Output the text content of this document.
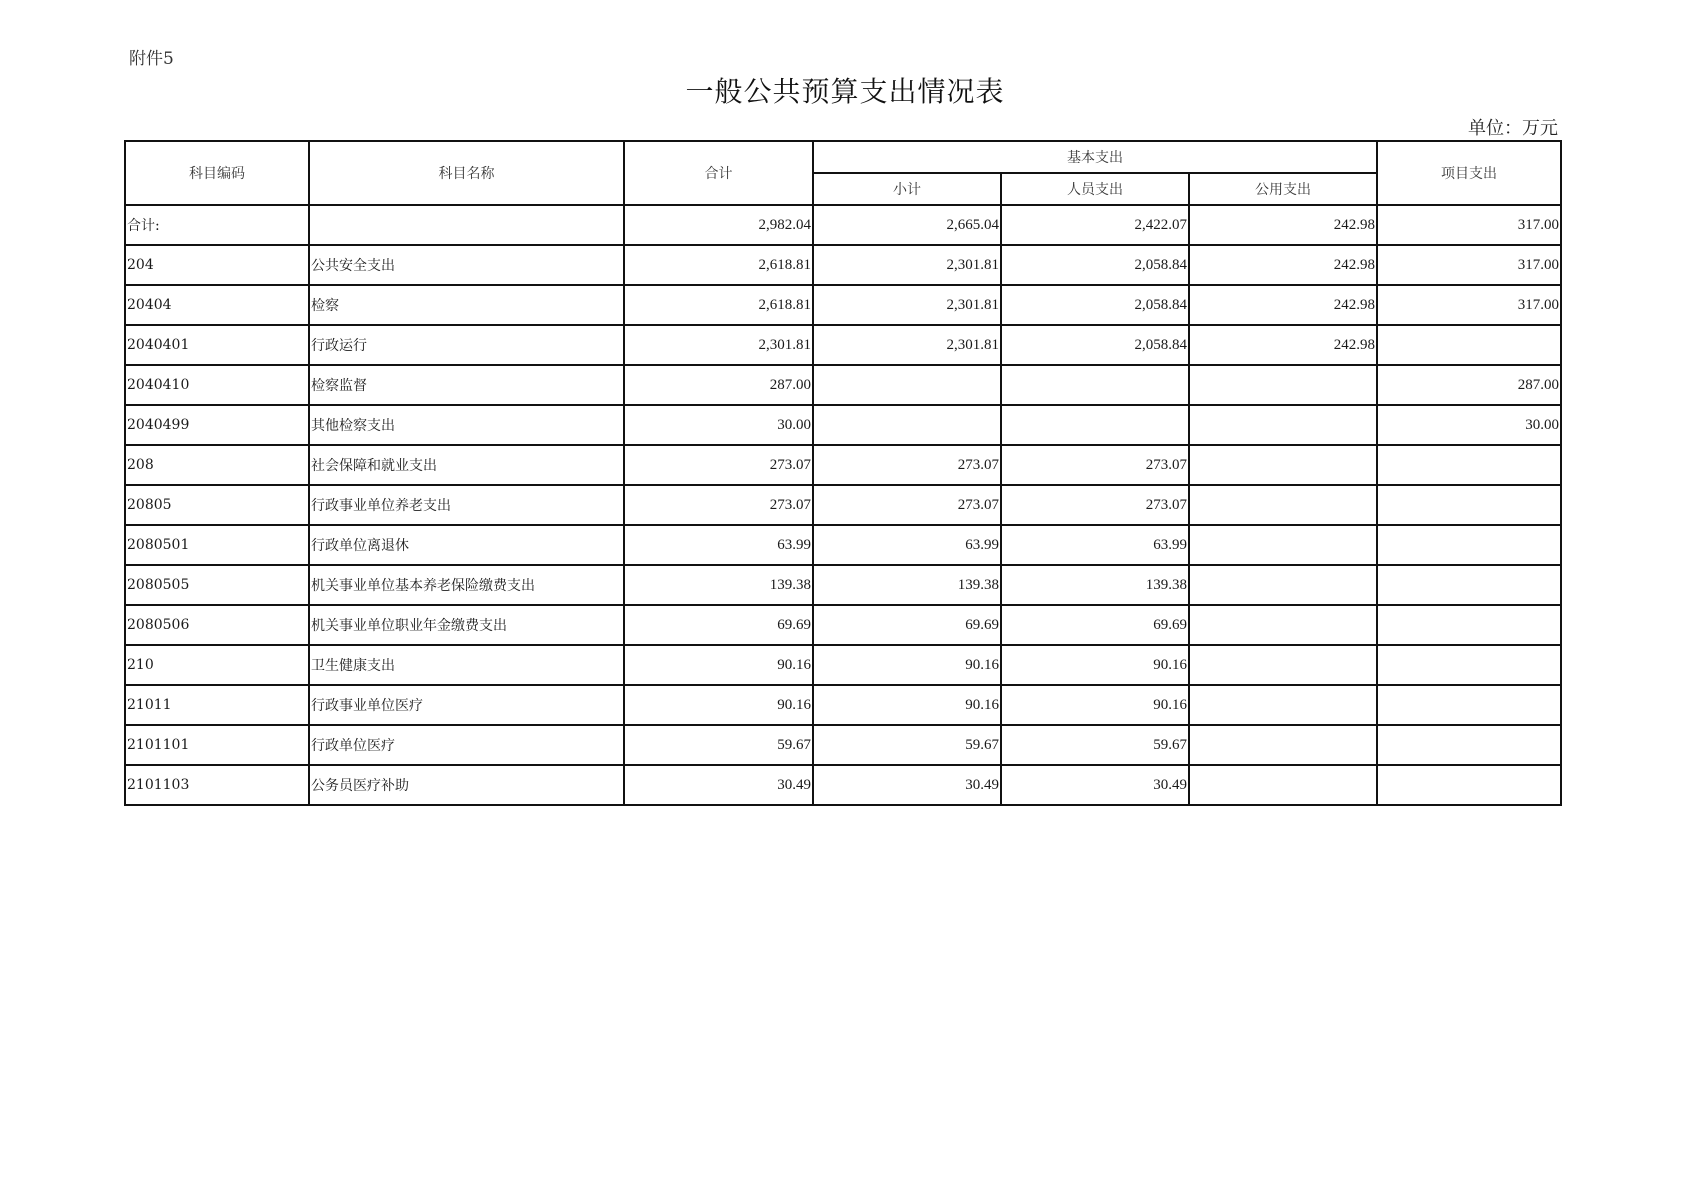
附件5
一般公共预算支出情况表
单位：万元
科目编码	科目名称	合计	基本支出			项目支出
			小计	人员支出	公用支出	
合计:		2,982.04	2,665.04	2,422.07	242.98	317.00
204	公共安全支出	2,618.81	2,301.81	2,058.84	242.98	317.00
20404	检察	2,618.81	2,301.81	2,058.84	242.98	317.00
2040401	行政运行	2,301.81	2,301.81	2,058.84	242.98	
2040410	检察监督	287.00				287.00
2040499	其他检察支出	30.00				30.00
208	社会保障和就业支出	273.07	273.07	273.07		
20805	行政事业单位养老支出	273.07	273.07	273.07		
2080501	行政单位离退休	63.99	63.99	63.99		
2080505	机关事业单位基本养老保险缴费支出	139.38	139.38	139.38		
2080506	机关事业单位职业年金缴费支出	69.69	69.69	69.69		
210	卫生健康支出	90.16	90.16	90.16		
21011	行政事业单位医疗	90.16	90.16	90.16		
2101101	行政单位医疗	59.67	59.67	59.67		
2101103	公务员医疗补助	30.49	30.49	30.49		
